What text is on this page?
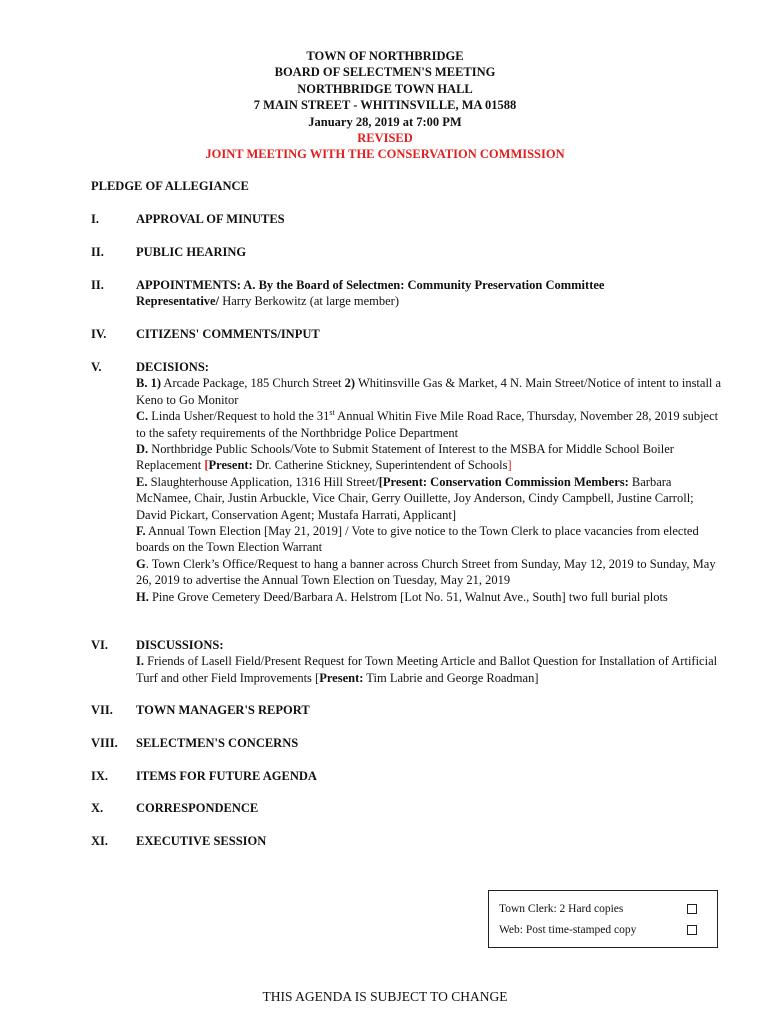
TOWN OF NORTHBRIDGE
BOARD OF SELECTMEN'S MEETING
NORTHBRIDGE TOWN HALL
7 MAIN STREET - WHITINSVILLE, MA 01588
January 28, 2019 at 7:00 PM
REVISED
JOINT MEETING WITH THE CONSERVATION COMMISSION
PLEDGE OF ALLEGIANCE
I.	APPROVAL OF MINUTES
II.	PUBLIC HEARING
II.	APPOINTMENTS: A. By the Board of Selectmen: Community Preservation Committee
Representative/ Harry Berkowitz (at large member)
IV.	CITIZENS' COMMENTS/INPUT
V.	DECISIONS:
B. 1) Arcade Package, 185 Church Street 2) Whitinsville Gas & Market, 4 N. Main Street/Notice of intent to install a Keno to Go Monitor
C. Linda Usher/Request to hold the 31st Annual Whitin Five Mile Road Race, Thursday, November 28, 2019 subject to the safety requirements of the Northbridge Police Department
D. Northbridge Public Schools/Vote to Submit Statement of Interest to the MSBA for Middle School Boiler Replacement [Present: Dr. Catherine Stickney, Superintendent of Schools]
E. Slaughterhouse Application, 1316 Hill Street/[Present: Conservation Commission Members: Barbara McNamee, Chair, Justin Arbuckle, Vice Chair, Gerry Ouillette, Joy Anderson, Cindy Campbell, Justine Carroll; David Pickart, Conservation Agent; Mustafa Harrati, Applicant]
F. Annual Town Election [May 21, 2019] / Vote to give notice to the Town Clerk to place vacancies from elected boards on the Town Election Warrant
G. Town Clerk’s Office/Request to hang a banner across Church Street from Sunday, May 12, 2019 to Sunday, May 26, 2019 to advertise the Annual Town Election on Tuesday, May 21, 2019
H. Pine Grove Cemetery Deed/Barbara A. Helstrom [Lot No. 51, Walnut Ave., South] two full burial plots
VI.	DISCUSSIONS:
I. Friends of Lasell Field/Present Request for Town Meeting Article and Ballot Question for Installation of Artificial Turf and other Field Improvements [Present: Tim Labrie and George Roadman]
VII.	TOWN MANAGER'S REPORT
VIII.	SELECTMEN'S CONCERNS
IX.	ITEMS FOR FUTURE AGENDA
X.	CORRESPONDENCE
XI.	EXECUTIVE SESSION
Town Clerk: 2 Hard copies
Web: Post time-stamped copy
THIS AGENDA IS SUBJECT TO CHANGE
